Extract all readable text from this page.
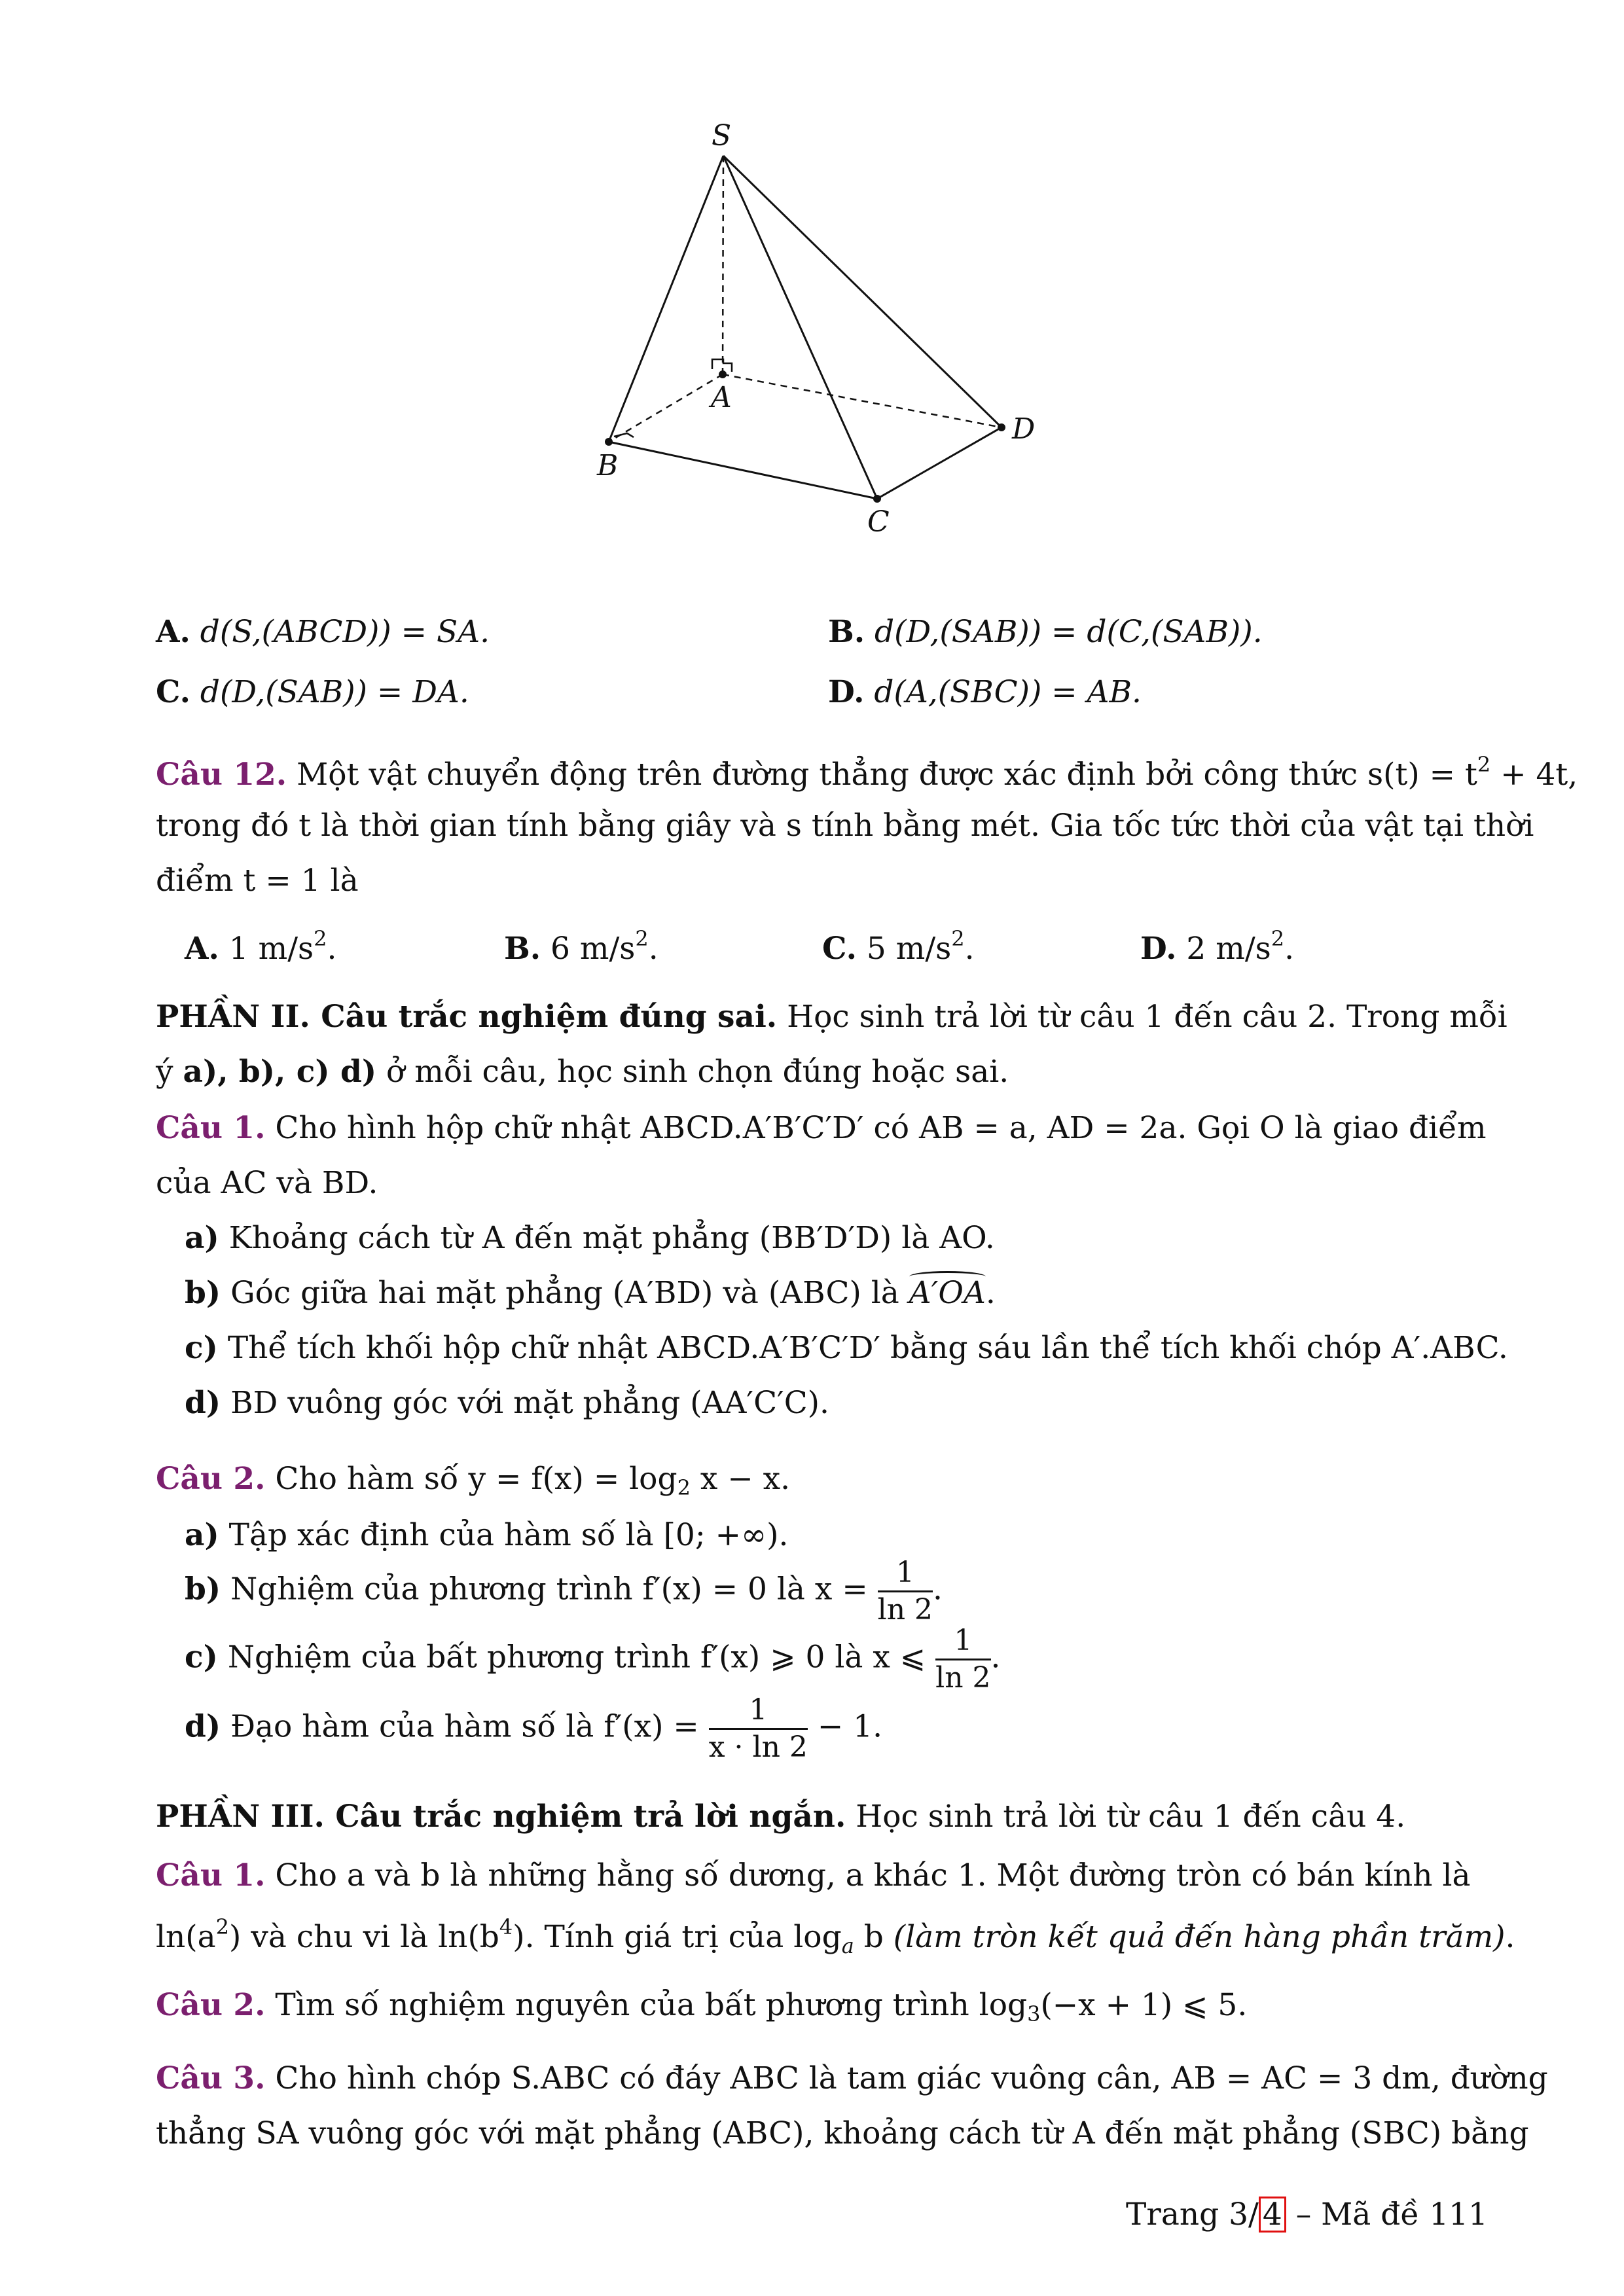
S
A
B
C
D
A. d(S,(ABCD)) = SA.	B. d(D,(SAB)) = d(C,(SAB)).
C. d(D,(SAB)) = DA.	D. d(A,(SBC)) = AB.
Câu 12. Một vật chuyển động trên đường thẳng được xác định bởi công thức $s(t) = t^2 + 4t$,
trong đó t là thời gian tính bằng giây và s tính bằng mét. Gia tốc tức thời của vật tại thời
điểm t = 1 là
A. 1 $m/s^2$.	B. 6 $m/s^2$.	C. 5 $m/s^2$.	D. 2 $m/s^2$.
PHẦN II. Câu trắc nghiệm đúng sai. Học sinh trả lời từ câu 1 đến câu 2. Trong mỗi
ý a), b), c) d) ở mỗi câu, học sinh chọn đúng hoặc sai.
Câu 1. Cho hình hộp chữ nhật ABCD.A′B′C′D′ có AB = a, AD = 2a. Gọi O là giao điểm
của AC và BD.
a) Khoảng cách từ A đến mặt phẳng (BB′D′D) là AO.
b) Góc giữa hai mặt phẳng (A′BD) và (ABC) là
A′OA.
c) Thể tích khối hộp chữ nhật ABCD.A′B′C′D′ bằng sáu lần thể tích khối chóp A′.ABC.
d) BD vuông góc với mặt phẳng (AA′C′C).
Câu 2. Cho hàm số $y = f(x) = \log_2 x - x$.
a) Tập xác định của hàm số là [0; +∞).
b) Nghiệm của phương trình f′(x) = 0 là $x = \frac{1}{\ln 2}$ .
c) Nghiệm của bất phương trình f′(x) ⩾ 0 là x ⩽ $\frac{1}{\ln 2}$ .
d) Đạo hàm của hàm số là $f'(x) = \frac{1}{x \cdot \ln 2} - 1$.
PHẦN III. Câu trắc nghiệm trả lời ngắn. Học sinh trả lời từ câu 1 đến câu 4.
Câu 1. Cho a và b là những hằng số dương, a khác 1. Một đường tròn có bán kính là
$\ln(a^2)$ và chu vi là $\ln(b^4)$. Tính giá trị của $\log_a b$ (làm tròn kết quả đến hàng phần trăm).
Câu 2. Tìm số nghiệm nguyên của bất phương trình $\log_3(-x + 1)$ ⩽ 5.
Câu 3. Cho hình chóp S.ABC có đáy ABC là tam giác vuông cân, AB = AC = 3 dm, đường
thẳng SA vuông góc với mặt phẳng (ABC), khoảng cách từ A đến mặt phẳng (SBC) bằng
Trang 3/ 4 – Mã đề 111
